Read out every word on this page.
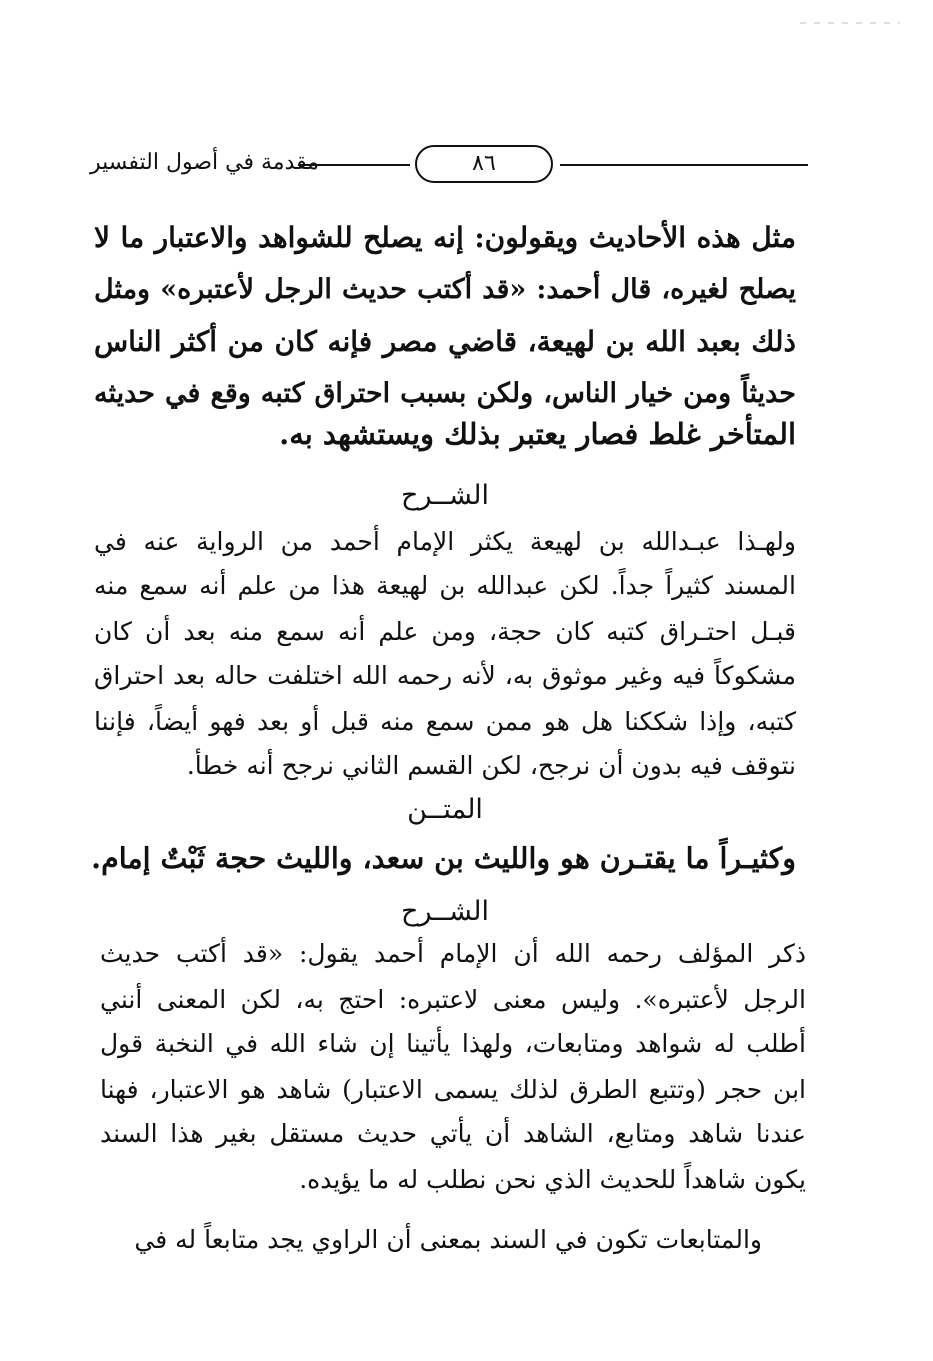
مقدمة في أصول التفسير	٨٦
مثل هذه الأحاديث ويقولون: إنه يصلح للشواهد والاعتبار ما لا
يصلح لغيره، قال أحمد: «قد أكتب حديث الرجل لأعتبره» ومثل
ذلك بعبد الله بن لهيعة، قاضي مصر فإنه كان من أكثر الناس
حديثاً ومن خيار الناس، ولكن بسبب احتراق كتبه وقع في حديثه
المتأخر غلط فصار يعتبر بذلك ويستشهد به.
الشــرح
ولهـذا عبـدالله بن لهيعة يكثر الإمام أحمد من الرواية عنه في
المسند كثيراً جداً. لكن عبدالله بن لهيعة هذا من علم أنه سمع منه
قبـل احتـراق كتبه كان حجة، ومن علم أنه سمع منه بعد أن كان
مشكوكاً فيه وغير موثوق به، لأنه رحمه الله اختلفت حاله بعد احتراق
كتبه، وإذا شككنا هل هو ممن سمع منه قبل أو بعد فهو أيضاً، فإننا
نتوقف فيه بدون أن نرجح، لكن القسم الثاني نرجح أنه خطأ.
المتــن
وكثيـراً ما يقتـرن هو والليث بن سعد، والليث حجة ثَبْتٌ إمام.
الشــرح
ذكر المؤلف رحمه الله أن الإمام أحمد يقول: «قد أكتب حديث
الرجل لأعتبره». وليس معنى لاعتبره: احتج به، لكن المعنى أنني
أطلب له شواهد ومتابعات، ولهذا يأتينا إن شاء الله في النخبة قول
ابن حجر (وتتبع الطرق لذلك يسمى الاعتبار) شاهد هو الاعتبار، فهنا
عندنا شاهد ومتابع، الشاهد أن يأتي حديث مستقل بغير هذا السند
يكون شاهداً للحديث الذي نحن نطلب له ما يؤيده.
والمتابعات تكون في السند بمعنى أن الراوي يجد متابعاً له في
